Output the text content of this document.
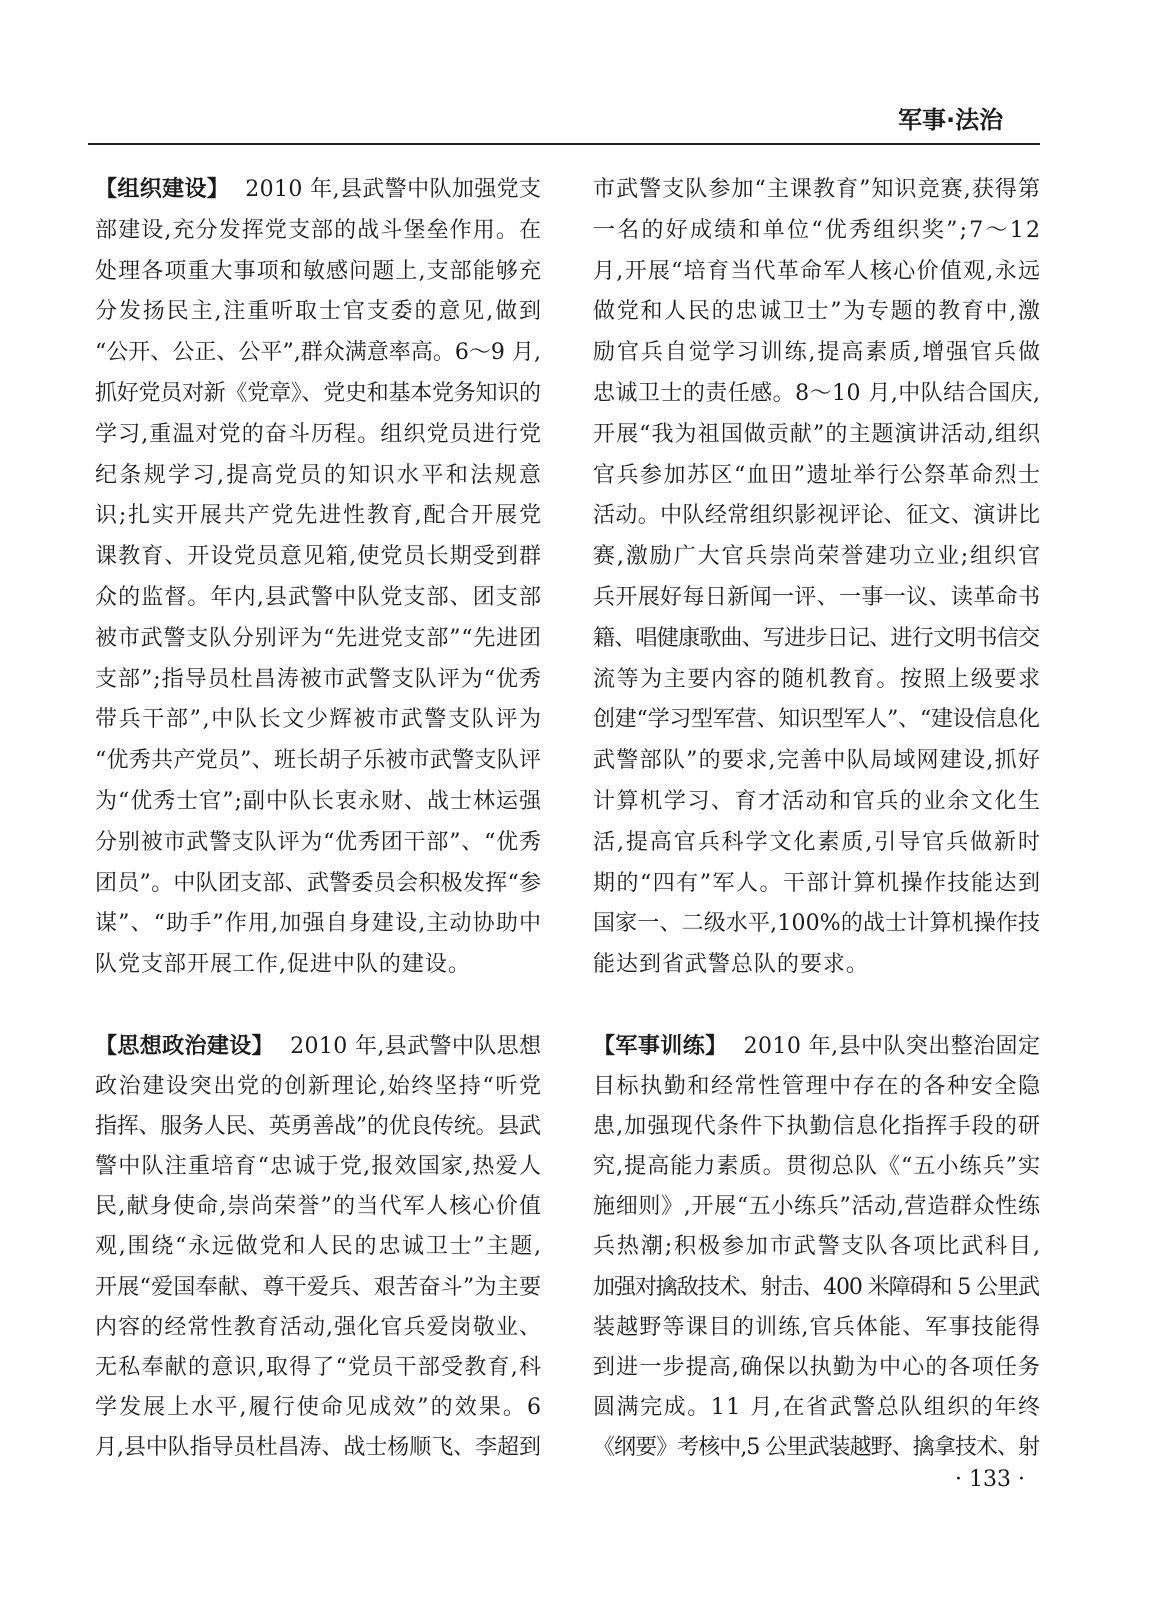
军事·法治
【组织建设】 2010 年,县武警中队加强党支
部建设,充分发挥党支部的战斗堡垒作用。在
处理各项重大事项和敏感问题上,支部能够充
分发扬民主,注重听取士官支委的意见,做到
“公开、公正、公平”,群众满意率高。6～9 月,
抓好党员对新《党章》、党史和基本党务知识的
学习,重温对党的奋斗历程。组织党员进行党
纪条规学习,提高党员的知识水平和法规意
识;扎实开展共产党先进性教育,配合开展党
课教育、开设党员意见箱,使党员长期受到群
众的监督。年内,县武警中队党支部、团支部
被市武警支队分别评为“先进党支部”“先进团
支部”;指导员杜昌涛被市武警支队评为“优秀
带兵干部”,中队长文少辉被市武警支队评为
“优秀共产党员”、班长胡子乐被市武警支队评
为“优秀士官”;副中队长衷永财、战士林运强
分别被市武警支队评为“优秀团干部”、“优秀
团员”。中队团支部、武警委员会积极发挥“参
谋”、“助手”作用,加强自身建设,主动协助中
队党支部开展工作,促进中队的建设。
【思想政治建设】 2010 年,县武警中队思想
政治建设突出党的创新理论,始终坚持“听党
指挥、服务人民、英勇善战”的优良传统。县武
警中队注重培育“忠诚于党,报效国家,热爱人
民,献身使命,崇尚荣誉”的当代军人核心价值
观,围绕“永远做党和人民的忠诚卫士”主题,
开展“爱国奉献、尊干爱兵、艰苦奋斗”为主要
内容的经常性教育活动,强化官兵爱岗敬业、
无私奉献的意识,取得了“党员干部受教育,科
学发展上水平,履行使命见成效”的效果。6
月,县中队指导员杜昌涛、战士杨顺飞、李超到
市武警支队参加“主课教育”知识竞赛,获得第
一名的好成绩和单位“优秀组织奖”;7～12
月,开展“培育当代革命军人核心价值观,永远
做党和人民的忠诚卫士”为专题的教育中,激
励官兵自觉学习训练,提高素质,增强官兵做
忠诚卫士的责任感。8～10 月,中队结合国庆,
开展“我为祖国做贡献”的主题演讲活动,组织
官兵参加苏区“血田”遗址举行公祭革命烈士
活动。中队经常组织影视评论、征文、演讲比
赛,激励广大官兵崇尚荣誉建功立业;组织官
兵开展好每日新闻一评、一事一议、读革命书
籍、唱健康歌曲、写进步日记、进行文明书信交
流等为主要内容的随机教育。按照上级要求
创建“学习型军营、知识型军人”、“建设信息化
武警部队”的要求,完善中队局域网建设,抓好
计算机学习、育才活动和官兵的业余文化生
活,提高官兵科学文化素质,引导官兵做新时
期的“四有”军人。干部计算机操作技能达到
国家一、二级水平,100%的战士计算机操作技
能达到省武警总队的要求。
【军事训练】 2010 年,县中队突出整治固定
目标执勤和经常性管理中存在的各种安全隐
患,加强现代条件下执勤信息化指挥手段的研
究,提高能力素质。贯彻总队《“五小练兵”实
施细则》,开展“五小练兵”活动,营造群众性练
兵热潮;积极参加市武警支队各项比武科目,
加强对擒敌技术、射击、400 米障碍和 5 公里武
装越野等课目的训练,官兵体能、军事技能得
到进一步提高,确保以执勤为中心的各项任务
圆满完成。11 月,在省武警总队组织的年终
《纲要》考核中,5 公里武装越野、擒拿技术、射
· 133 ·
